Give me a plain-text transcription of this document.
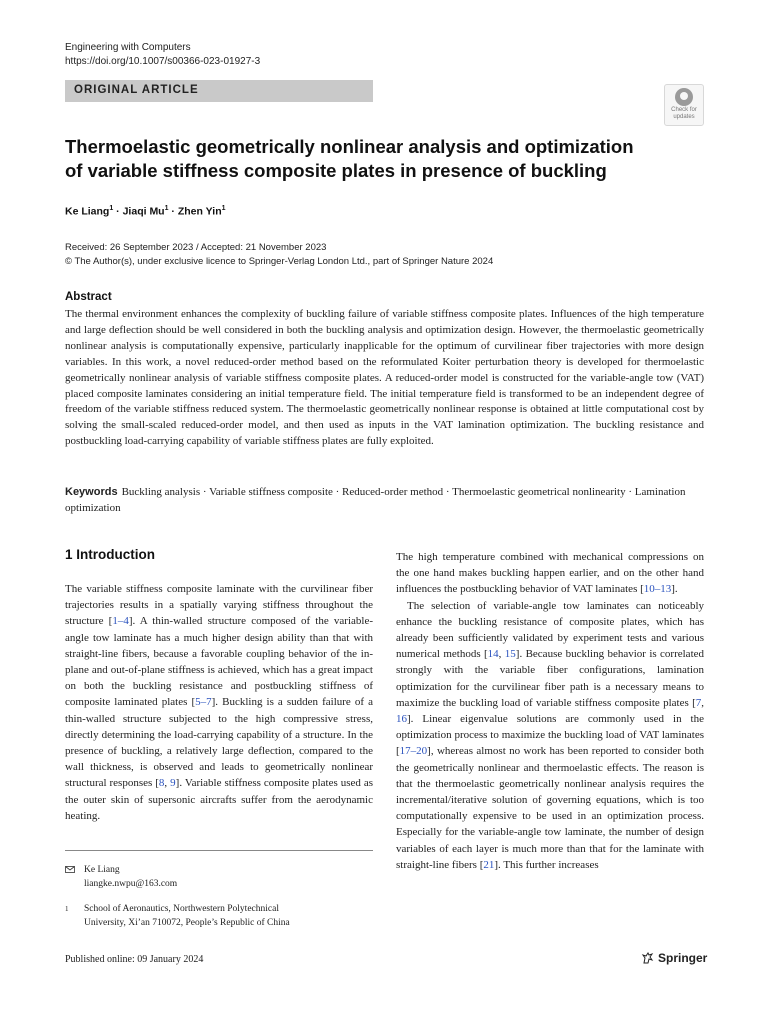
Engineering with Computers
https://doi.org/10.1007/s00366-023-01927-3
ORIGINAL ARTICLE
Check for updates
Thermoelastic geometrically nonlinear analysis and optimization
of variable stiffness composite plates in presence of buckling
Ke Liang$^1$ · Jiaqi $Mu^1$ · Zhen Yin$^1$
Received: 26 September 2023 / Accepted: 21 November 2023
© The Author(s), under exclusive licence to Springer-Verlag London Ltd., part of Springer Nature 2024
Abstract
The thermal environment enhances the complexity of buckling failure of variable stiffness composite plates. Influences of the high temperature and large deflection should be well considered in both the buckling analysis and optimization design. However, the thermoelastic geometrically nonlinear analysis is computationally expensive, particularly inapplicable for the optimum of curvilinear fiber trajectories with more design variables. In this work, a novel reduced-order method based on the reformulated Koiter perturbation theory is developed for thermoelastic geometrically nonlinear analysis of variable stiffness composite plates. A reduced-order model is constructed for the variable-angle tow (VAT) placed composite laminates considering an initial temperature field. The initial temperature field is transformed to be an independent degree of freedom of the variable stiffness reduced system. The thermoelastic geometrically nonlinear response is obtained at little computational cost by solving the small-scaled reduced-order model, and then used as inputs in the VAT lamination optimization. The buckling resistance and postbuckling load-carrying capability of variable stiffness plates are fully exploited.
Keywords Buckling analysis · Variable stiffness composite · Reduced-order method · Thermoelastic geometrical nonlinearity · Lamination optimization
1 Introduction

The variable stiffness composite laminate with the curvilinear fiber trajectories results in a spatially varying stiffness throughout the structure [1–4]. A thin-walled structure composed of the variable-angle tow laminate has a much higher design ability than that with straight-line fibers, because a favorable coupling behavior of the in-plane and out-of-plane stiffness is achieved, which has a great impact on both the buckling resistance and postbuckling stiffness of composite laminated plates [5–7]. Buckling is a sudden failure of a thin-walled structure subjected to the high compressive stress, directly determining the load-carrying capability of a structure. In the presence of buckling, a relatively large deflection, compared to the wall thickness, is observed and leads to geometrically nonlinear structural responses [8, 9]. Variable stiffness composite plates used as the outer skin of supersonic aircrafts suffer from the aerodynamic heating.

The high temperature combined with mechanical compressions on the one hand makes buckling happen earlier, and on the other hand influences the postbuckling behavior of VAT laminates [10–13].

The selection of variable-angle tow laminates can noticeably enhance the buckling resistance of composite plates, which has already been sufficiently validated by experiment tests and various numerical methods [14, 15]. Because buckling behavior is correlated strongly with the variable fiber configurations, lamination optimization for the curvilinear fiber path is a necessary means to maximize the buckling load of variable stiffness composite plates [7, 16]. Linear eigenvalue solutions are commonly used in the optimization process to maximize the buckling load of VAT laminates [17–20], whereas almost no work has been reported to consider both the geometrically nonlinear and thermoelastic effects. The reason is that the thermoelastic geometrically nonlinear analysis requires the incremental/iterative solution of governing equations, which is too computationally expensive to be used in an optimization process. Especially for the variable-angle tow laminate, the number of design variables of each layer is much more than that for the laminate with straight-line fibers [21]. This further increases

Ke Liang
liangke.nwpu@163.com
1 School of Aeronautics, Northwestern Polytechnical
University, Xi’an 710072, People’s Republic of China
Published online: 09 January 2024	Springer
